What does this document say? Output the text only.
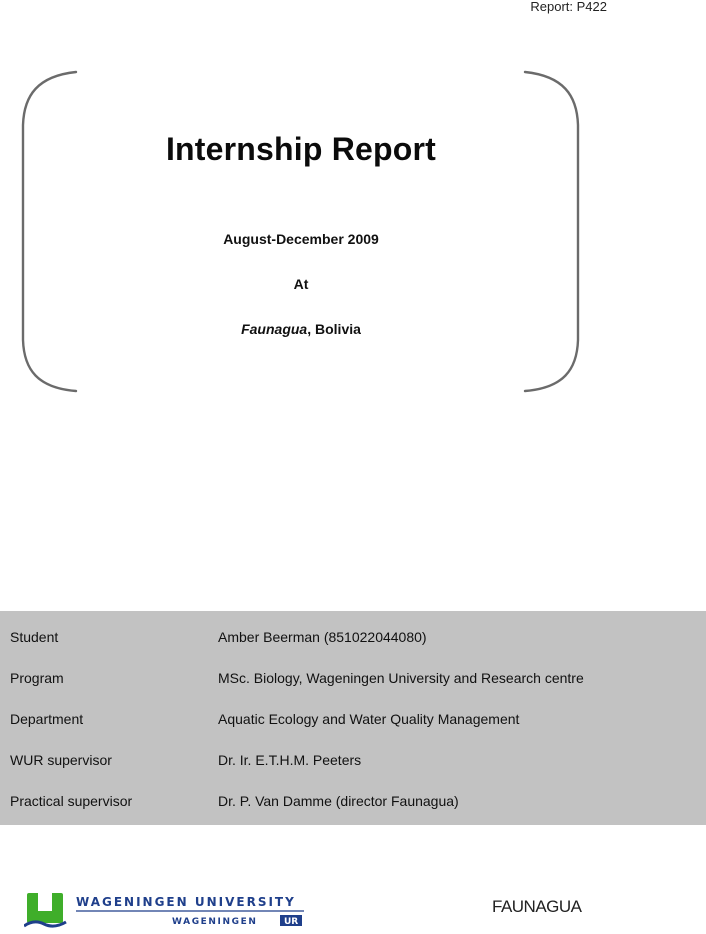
Report: P422
Internship Report
August-December 2009
At
Faunagua, Bolivia
Student	Amber Beerman (851022044080)
Program	MSc. Biology, Wageningen University and Research centre
Department	Aquatic Ecology and Water Quality Management
WUR supervisor	Dr. Ir. E.T.H.M. Peeters
Practical supervisor	Dr. P. Van Damme (director Faunagua)
WAGENINGEN UNIVERSITY
WAGENINGEN	UR
FAUNAGUA
